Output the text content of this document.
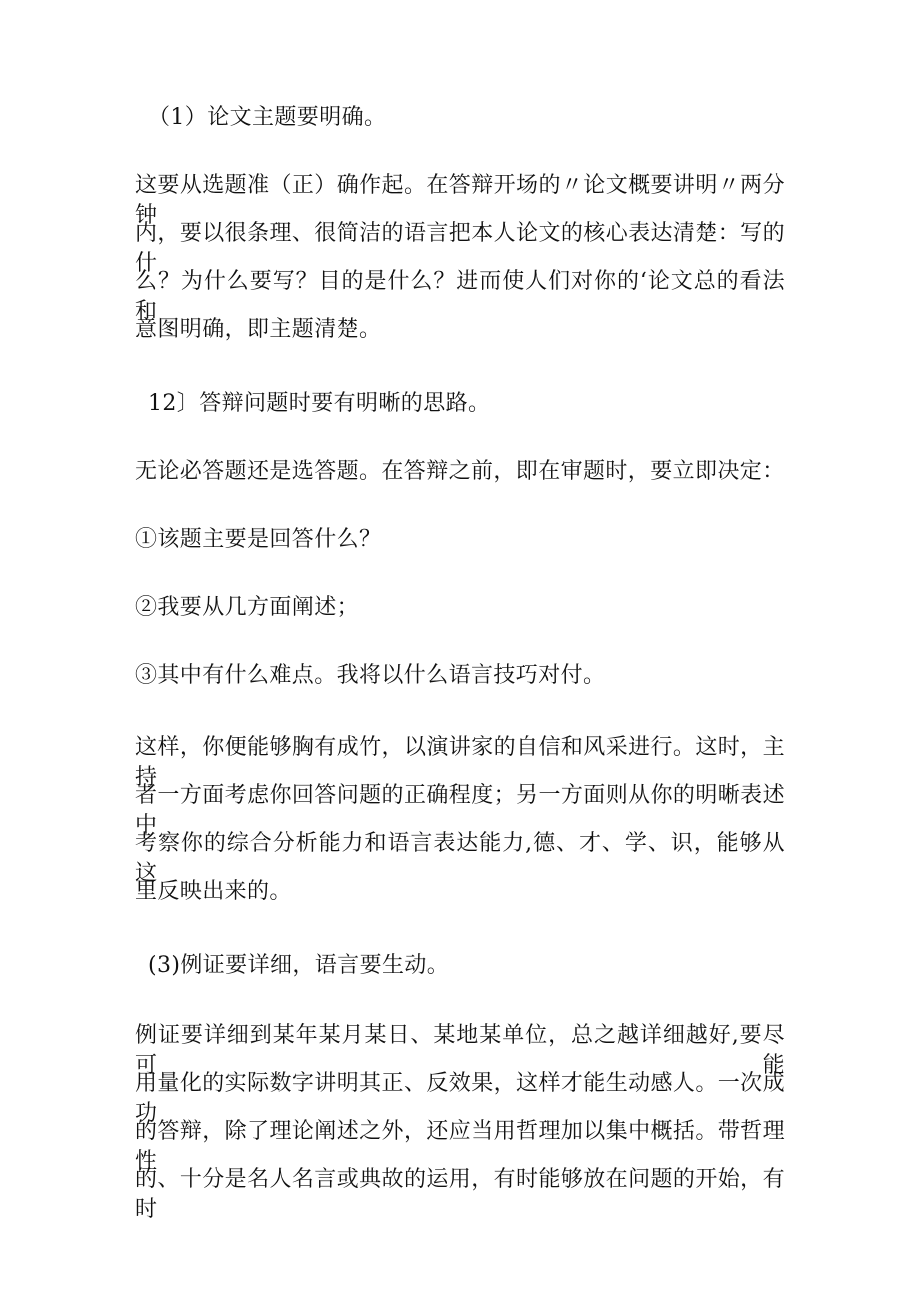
（1）论文主题要明确。
这要从选题准（正）确作起。在答辩开场的〃论文概要讲明〃两分钟
内，要以很条理、很简洁的语言把本人论文的核心表达清楚：写的什
么？为什么要写？目的是什么？进而使人们对你的‘论文总的看法和
意图明确，即主题清楚。
12〕答辩问题时要有明晰的思路。
无论必答题还是选答题。在答辩之前，即在审题时，要立即决定：
①该题主要是回答什么？
②我要从几方面阐述；
③其中有什么难点。我将以什么语言技巧对付。
这样，你便能够胸有成竹，以演讲家的自信和风采进行。这时，主持
者一方面考虑你回答问题的正确程度；另一方面则从你的明晰表述中
考察你的综合分析能力和语言表达能力,德、才、学、识，能够从这
里反映出来的。
(3)例证要详细，语言要生动。
例证要详细到某年某月某日、某地某单位，总之越详细越好,要尽可能
用量化的实际数字讲明其正、反效果，这样才能生动感人。一次成功
的答辩，除了理论阐述之外，还应当用哲理加以集中概括。带哲理性
的、十分是名人名言或典故的运用，有时能够放在问题的开始，有时
